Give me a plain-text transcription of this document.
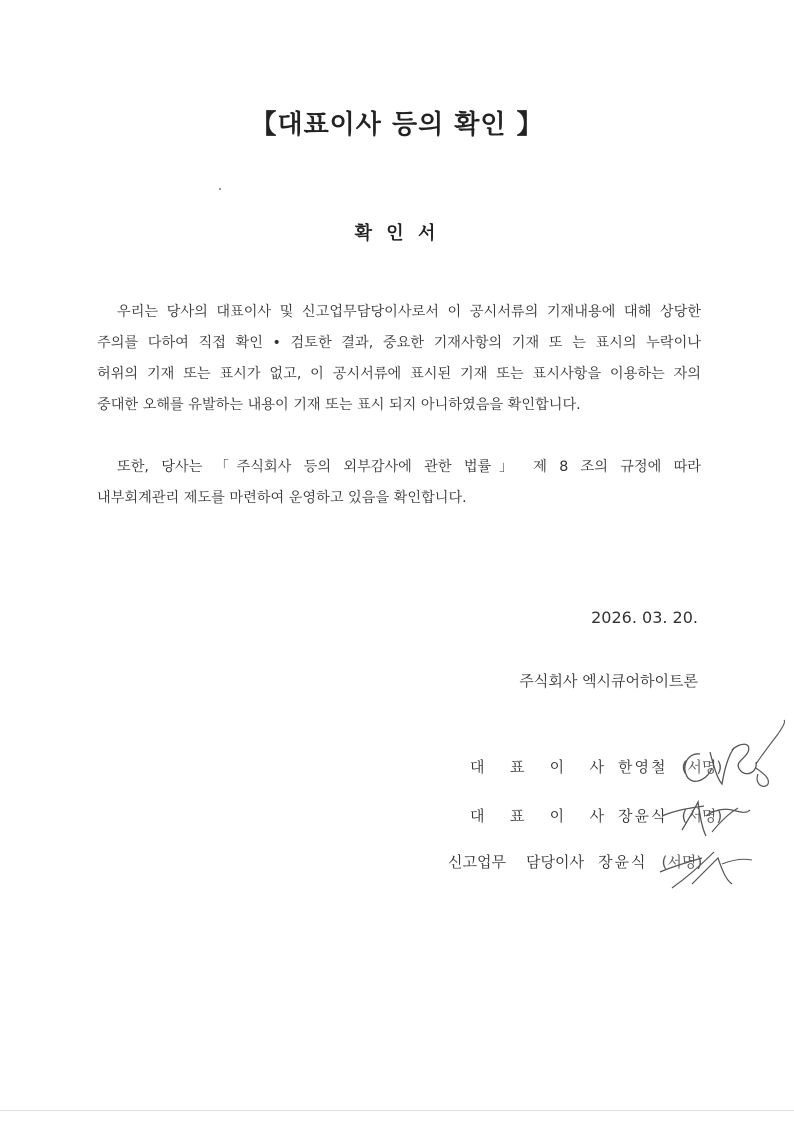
【대표이사 등의 확인 】
확 인 서
우리는 당사의 대표이사 및 신고업무담당이사로서 이 공시서류의 기재내용에 대해 상당한
주의를 다하여 직접 확인 • 검토한 결과, 중요한 기재사항의 기재 또 는 표시의 누락이나
허위의 기재 또는 표시가 없고, 이 공시서류에 표시된 기재 또는 표시사항을 이용하는 자의
중대한 오해를 유발하는 내용이 기재 또는 표시 되지 아니하였음을 확인합니다.
또한, 당사는 「주식회사 등의 외부감사에 관한 법률」 제 8 조의 규정에 따라
내부회계관리 제도를 마련하여 운영하고 있음을 확인합니다.
2026. 03. 20.
주식회사 엑시큐어하이트론
대 표 이 사 한영철 (서명)
대 표 이 사 장윤식 (서명)
신고업무 담당이사 장윤식 (서명)
